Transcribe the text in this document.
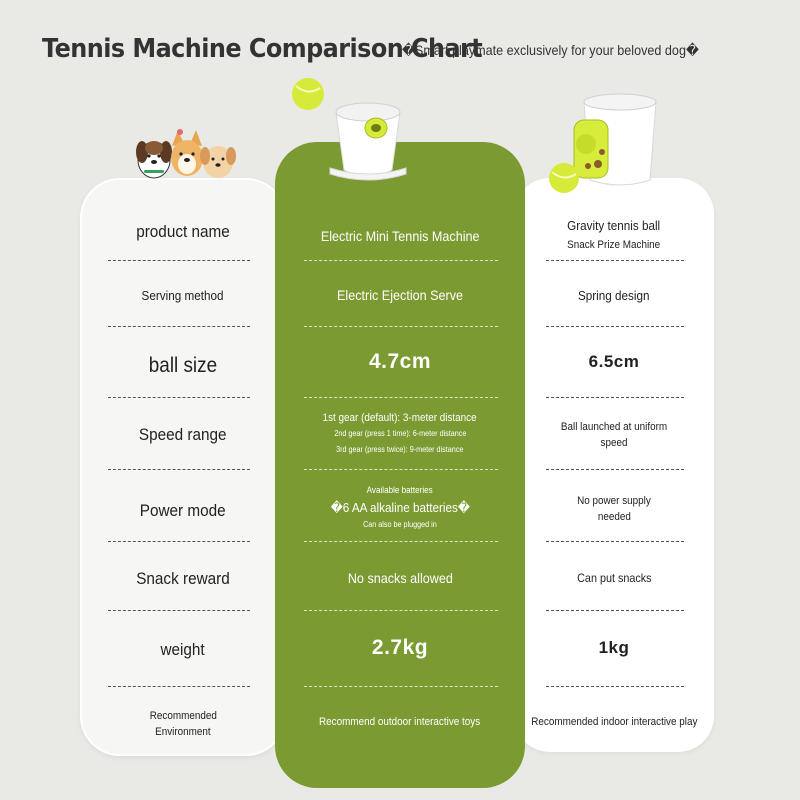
Tennis Machine Comparison Chart
�Smart playmate exclusively for your beloved dog�
product name
Serving method
ball size
Speed range
Power mode
Snack reward
weight
Recommended
Environment
Electric Mini Tennis Machine
Electric Ejection Serve
4.7cm
1st gear (default): 3-meter distance
2nd gear (press 1 time): 6-meter distance
3rd gear (press twice): 9-meter distance
Available batteries
�6 AA alkaline batteries�
Can also be plugged in
No snacks allowed
2.7kg
Recommend outdoor interactive toys
Gravity tennis ball
Snack Prize Machine
Spring design
6.5cm
Ball launched at uniform
speed
No power supply
needed
Can put snacks
1kg
Recommended indoor interactive play
